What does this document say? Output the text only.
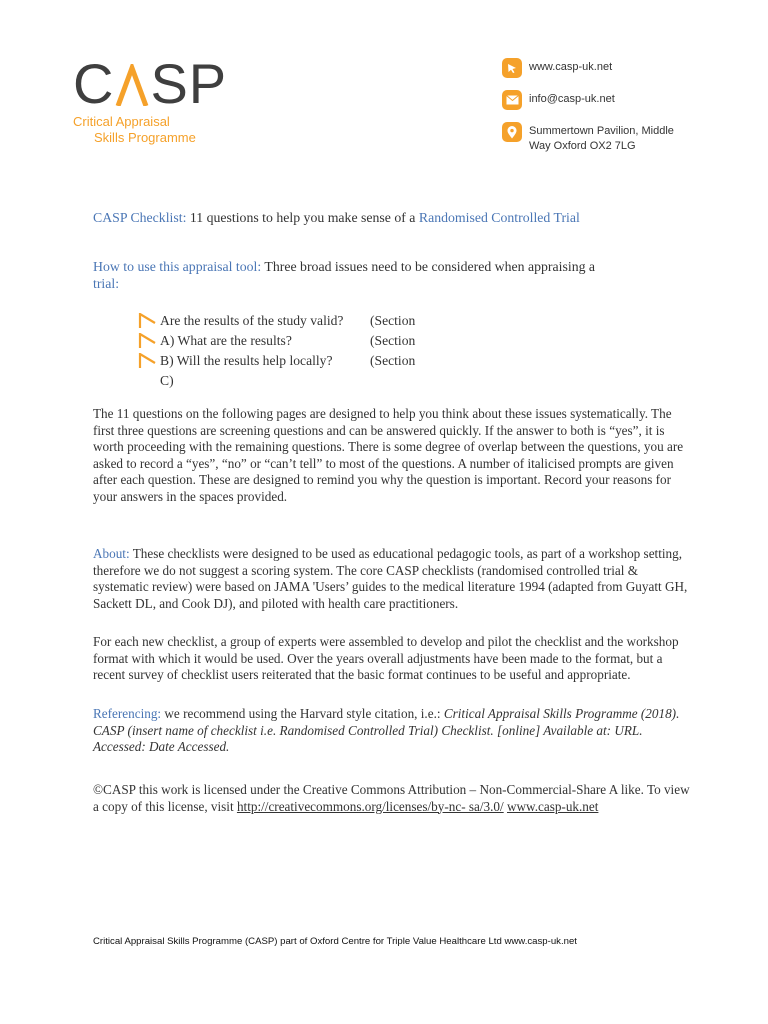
C SP
Critical Appraisal
Skills Programme
www.casp-uk.net
info@casp-uk.net
Summertown Pavilion, Middle
Way Oxford OX2 7LG
CASP Checklist: 11 questions to help you make sense of a Randomised Controlled Trial
How to use this appraisal tool: Three broad issues need to be considered when appraising a
trial:
Are the results of the study valid?	(Section
A) What are the results?	(Section
B) Will the results help locally?	(Section
C)
The 11 questions on the following pages are designed to help you think about these issues systematically. The first three questions are screening questions and can be answered quickly. If the answer to both is “yes”, it is worth proceeding with the remaining questions. There is some degree of overlap between the questions, you are asked to record a “yes”, “no” or “can’t tell” to most of the questions. A number of italicised prompts are given after each question. These are designed to remind you why the question is important. Record your reasons for your answers in the spaces provided.
About: These checklists were designed to be used as educational pedagogic tools, as part of a workshop setting, therefore we do not suggest a scoring system. The core CASP checklists (randomised controlled trial & systematic review) were based on JAMA 'Users’ guides to the medical literature 1994 (adapted from Guyatt GH, Sackett DL, and Cook DJ), and piloted with health care practitioners.
For each new checklist, a group of experts were assembled to develop and pilot the checklist and the workshop format with which it would be used. Over the years overall adjustments have been made to the format, but a recent survey of checklist users reiterated that the basic format continues to be useful and appropriate.
Referencing: we recommend using the Harvard style citation, i.e.: Critical Appraisal Skills Programme (2018). CASP (insert name of checklist i.e. Randomised Controlled Trial) Checklist. [online] Available at: URL. Accessed: Date Accessed.
©CASP this work is licensed under the Creative Commons Attribution – Non-Commercial-Share A like. To view a copy of this license, visit http://creativecommons.org/licenses/by-nc- sa/3.0/ www.casp-uk.net
Critical Appraisal Skills Programme (CASP) part of Oxford Centre for Triple Value Healthcare Ltd www.casp-uk.net
